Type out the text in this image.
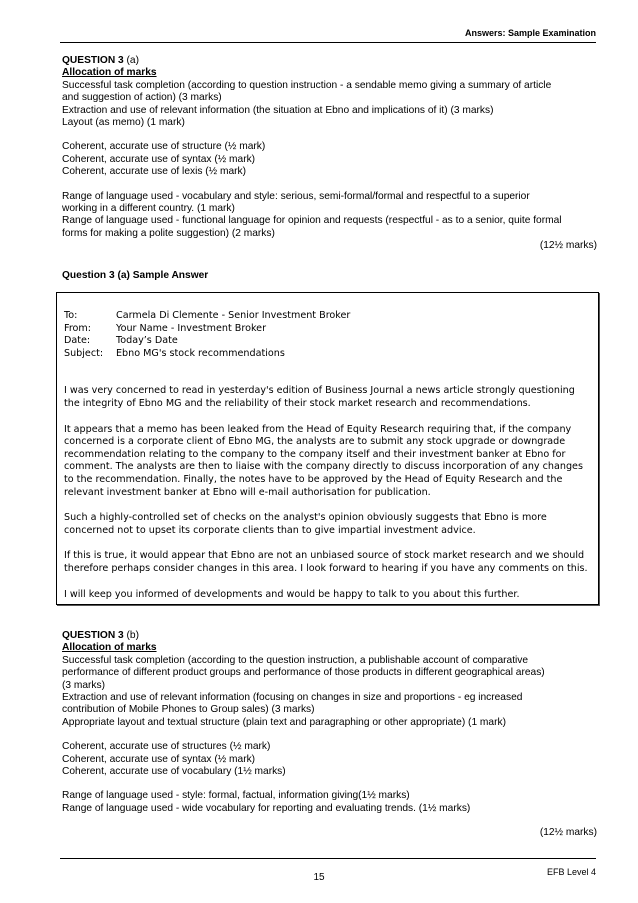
Answers: Sample Examination
QUESTION 3 (a)
Allocation of marks
Successful task completion (according to question instruction - a sendable memo giving a summary of article
and suggestion of action) (3 marks)
Extraction and use of relevant information (the situation at Ebno and implications of it) (3 marks)
Layout (as memo) (1 mark)
Coherent, accurate use of structure (½ mark)
Coherent, accurate use of syntax (½ mark)
Coherent, accurate use of lexis (½ mark)
Range of language used - vocabulary and style: serious, semi-formal/formal and respectful to a superior
working in a different country. (1 mark)
Range of language used - functional language for opinion and requests (respectful - as to a senior, quite formal
forms for making a polite suggestion) (2 marks)
(12½ marks)
Question 3 (a) Sample Answer
To:	Carmela Di Clemente - Senior Investment Broker
From:	Your Name - Investment Broker
Date:	Today’s Date
Subject:	Ebno MG's stock recommendations
I was very concerned to read in yesterday's edition of Business Journal a news article strongly questioning the integrity of Ebno MG and the reliability of their stock market research and recommendations.
It appears that a memo has been leaked from the Head of Equity Research requiring that, if the company concerned is a corporate client of Ebno MG, the analysts are to submit any stock upgrade or downgrade recommendation relating to the company to the company itself and their investment banker at Ebno for comment. The analysts are then to liaise with the company directly to discuss incorporation of any changes to the recommendation. Finally, the notes have to be approved by the Head of Equity Research and the relevant investment banker at Ebno will e-mail authorisation for publication.
Such a highly-controlled set of checks on the analyst's opinion obviously suggests that Ebno is more concerned not to upset its corporate clients than to give impartial investment advice.
If this is true, it would appear that Ebno are not an unbiased source of stock market research and we should therefore perhaps consider changes in this area. I look forward to hearing if you have any comments on this.
I will keep you informed of developments and would be happy to talk to you about this further.
QUESTION 3 (b)
Allocation of marks
Successful task completion (according to the question instruction, a publishable account of comparative
performance of different product groups and performance of those products in different geographical areas)
(3 marks)
Extraction and use of relevant information (focusing on changes in size and proportions - eg increased
contribution of Mobile Phones to Group sales) (3 marks)
Appropriate layout and textual structure (plain text and paragraphing or other appropriate) (1 mark)
Coherent, accurate use of structures (½ mark)
Coherent, accurate use of syntax (½ mark)
Coherent, accurate use of vocabulary (1½ marks)
Range of language used - style: formal, factual, information giving(1½ marks)
Range of language used - wide vocabulary for reporting and evaluating trends. (1½ marks)
(12½ marks)
15	EFB Level 4
